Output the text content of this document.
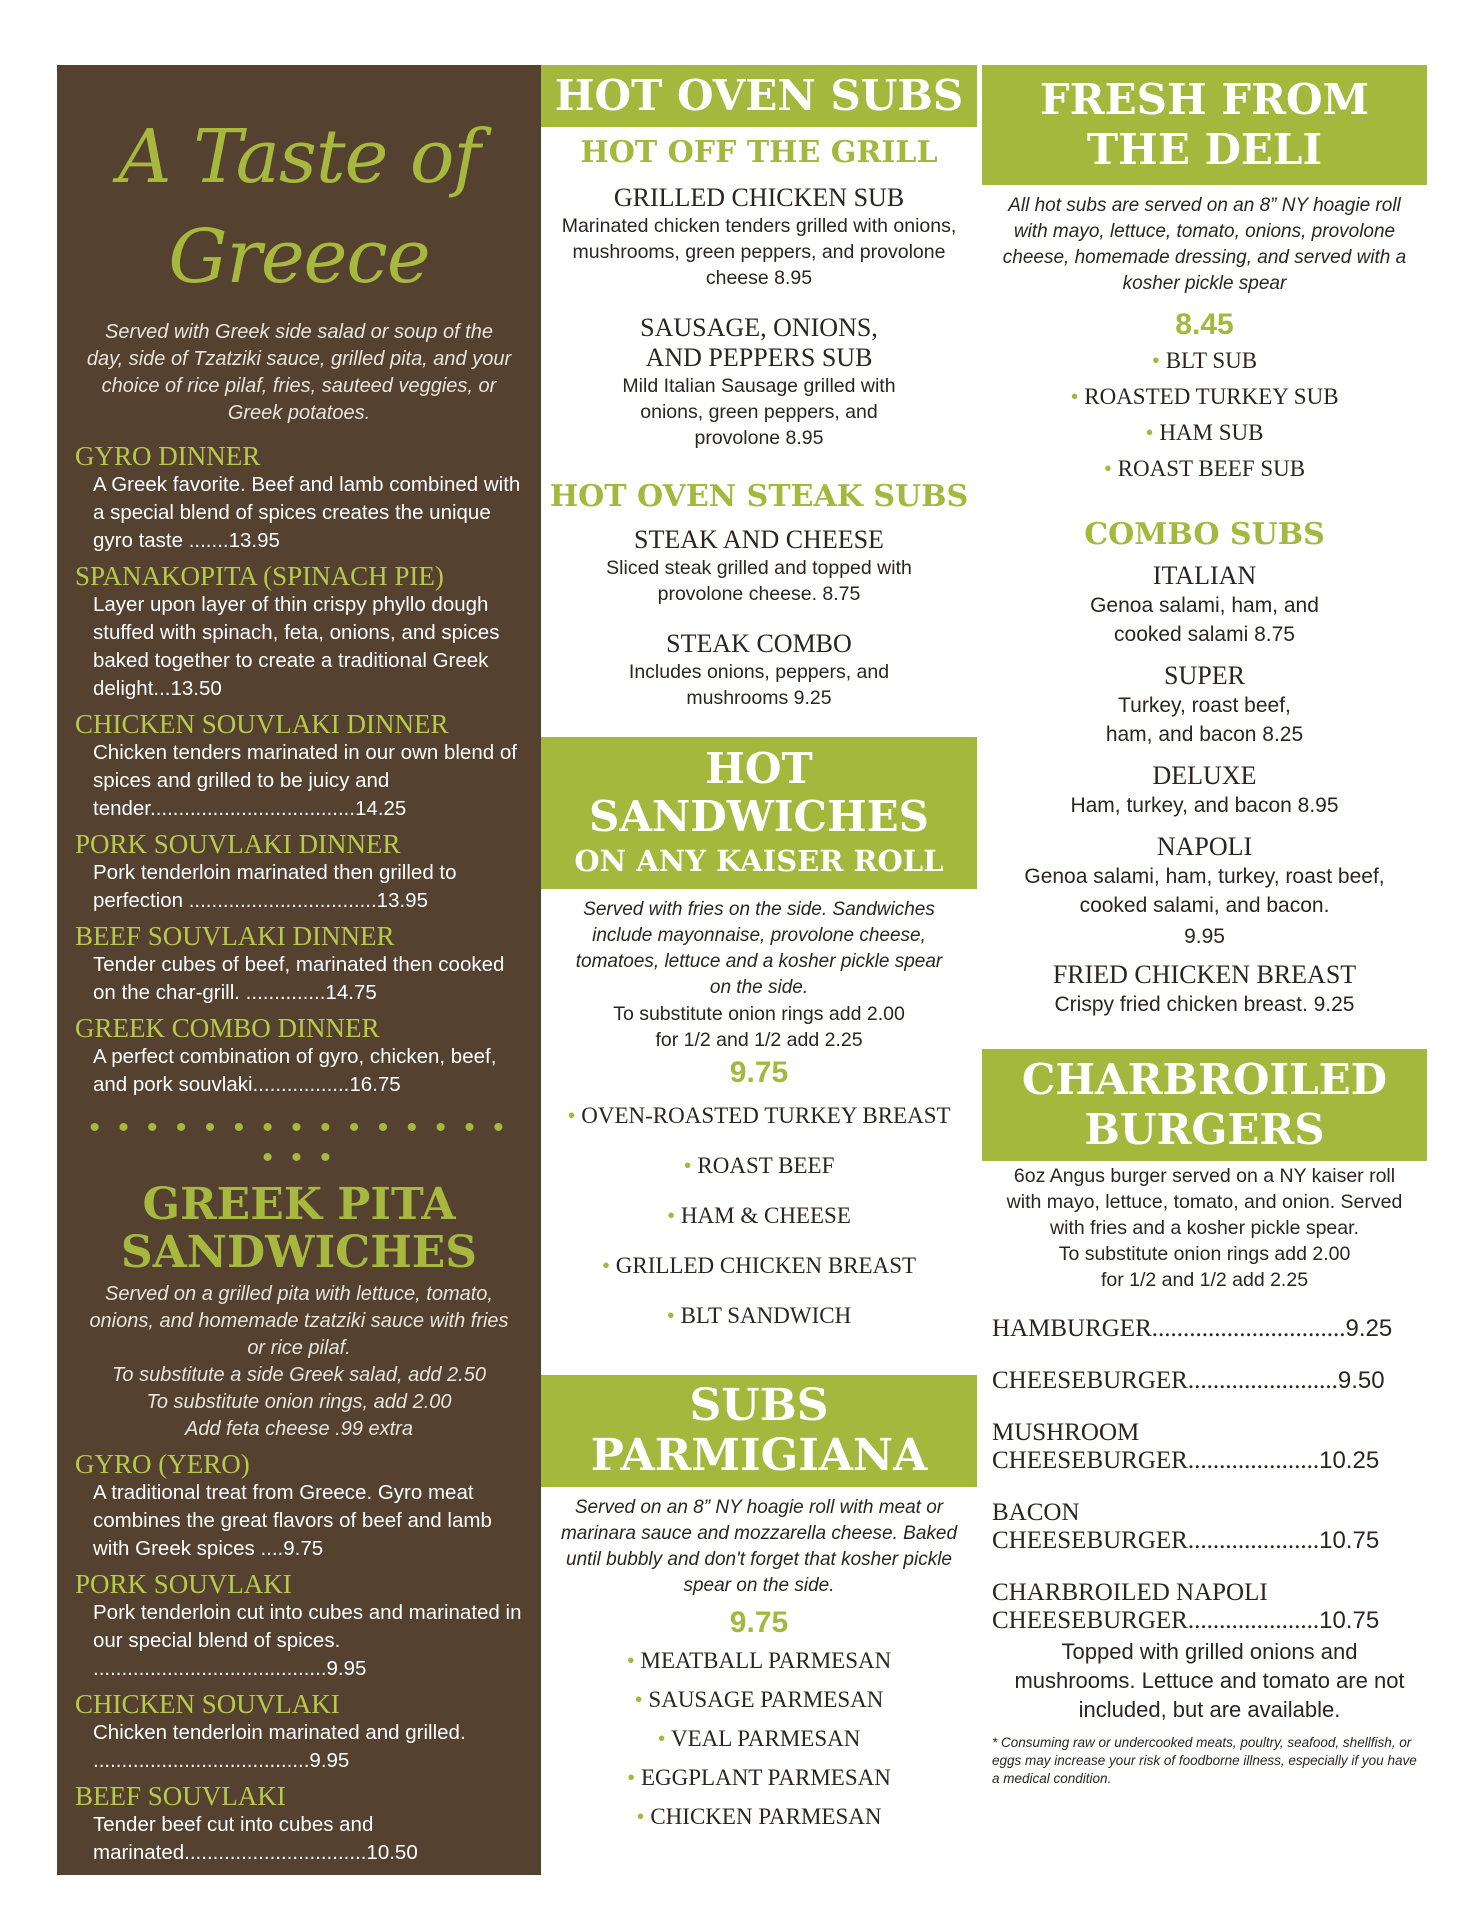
A Taste of
Greece
Served with Greek side salad or soup of the day, side of Tzatziki sauce, grilled pita, and your choice of rice pilaf, fries, sauteed veggies, or Greek potatoes.
GYRO DINNER
A Greek favorite. Beef and lamb combined with a special blend of spices creates the unique gyro taste .......13.95
SPANAKOPITA (SPINACH PIE)
Layer upon layer of thin crispy phyllo dough stuffed with spinach, feta, onions, and spices baked together to create a traditional Greek delight...13.50
CHICKEN SOUVLAKI DINNER
Chicken tenders marinated in our own blend of spices and grilled to be juicy and tender....................................14.25
PORK SOUVLAKI DINNER
Pork tenderloin marinated then grilled to perfection .................................13.95
BEEF SOUVLAKI DINNER
Tender cubes of beef, marinated then cooked on the char-grill. ..............14.75
GREEK COMBO DINNER
A perfect combination of gyro, chicken, beef, and pork souvlaki.................16.75
• • • • • • • • • • • • • • • • • •
GREEK PITA
SANDWICHES
Served on a grilled pita with lettuce, tomato, onions, and homemade tzatziki sauce with fries or rice pilaf.
To substitute a side Greek salad, add 2.50
To substitute onion rings, add 2.00
Add feta cheese .99 extra
GYRO (YERO)
A traditional treat from Greece. Gyro meat combines the great flavors of beef and lamb with Greek spices ....9.75
PORK SOUVLAKI
Pork tenderloin cut into cubes and marinated in our special blend of spices. .........................................9.95
CHICKEN SOUVLAKI
Chicken tenderloin marinated and grilled. ......................................9.95
BEEF SOUVLAKI
Tender beef cut into cubes and marinated................................10.50
HOT OVEN SUBS
HOT OFF THE GRILL
GRILLED CHICKEN SUB
Marinated chicken tenders grilled with onions, mushrooms, green peppers, and provolone cheese 8.95
SAUSAGE, ONIONS, AND PEPPERS SUB
Mild Italian Sausage grilled with onions, green peppers, and provolone 8.95
HOT OVEN STEAK SUBS
STEAK AND CHEESE
Sliced steak grilled and topped with provolone cheese. 8.75
STEAK COMBO
Includes onions, peppers, and mushrooms 9.25
HOT
SANDWICHES
ON ANY KAISER ROLL
Served with fries on the side. Sandwiches include mayonnaise, provolone cheese, tomatoes, lettuce and a kosher pickle spear on the side.
To substitute onion rings add 2.00
for 1/2 and 1/2 add 2.25
9.75
• OVEN-ROASTED TURKEY BREAST
• ROAST BEEF
• HAM & CHEESE
• GRILLED CHICKEN BREAST
• BLT SANDWICH
SUBS
PARMIGIANA
Served on an 8” NY hoagie roll with meat or marinara sauce and mozzarella cheese. Baked until bubbly and don't forget that kosher pickle spear on the side.
9.75
• MEATBALL PARMESAN
• SAUSAGE PARMESAN
• VEAL PARMESAN
• EGGPLANT PARMESAN
• CHICKEN PARMESAN
FRESH FROM
THE DELI
All hot subs are served on an 8” NY hoagie roll with mayo, lettuce, tomato, onions, provolone cheese, homemade dressing, and served with a kosher pickle spear
8.45
• BLT SUB
• ROASTED TURKEY SUB
• HAM SUB
• ROAST BEEF SUB
COMBO SUBS
ITALIAN
Genoa salami, ham, and cooked salami 8.75
SUPER
Turkey, roast beef, ham, and bacon 8.25
DELUXE
Ham, turkey, and bacon 8.95
NAPOLI
Genoa salami, ham, turkey, roast beef, cooked salami, and bacon.
9.95
FRIED CHICKEN BREAST
Crispy fried chicken breast. 9.25
CHARBROILED
BURGERS
6oz Angus burger served on a NY kaiser roll with mayo, lettuce, tomato, and onion. Served with fries and a kosher pickle spear.
To substitute onion rings add 2.00
for 1/2 and 1/2 add 2.25
HAMBURGER...............................9.25
CHEESEBURGER........................9.50
MUSHROOM
CHEESEBURGER.....................10.25
BACON
CHEESEBURGER.....................10.75
CHARBROILED NAPOLI
CHEESEBURGER.....................10.75
Topped with grilled onions and mushrooms. Lettuce and tomato are not included, but are available.
* Consuming raw or undercooked meats, poultry, seafood, shellfish, or eggs may increase your risk of foodborne illness, especially if you have a medical condition.
